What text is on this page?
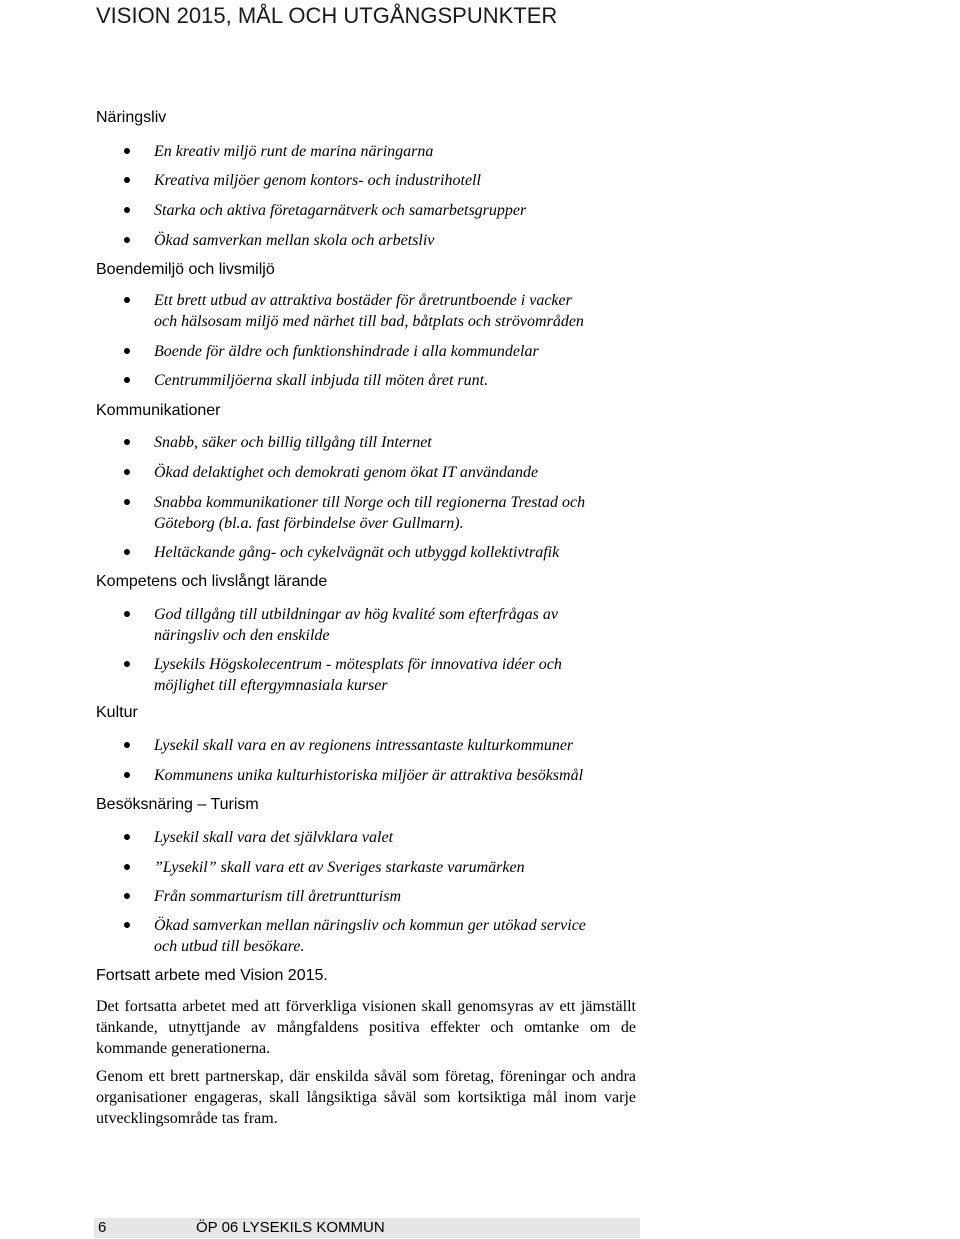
VISION 2015, MÅL OCH UTGÅNGSPUNKTER
Näringsliv
En kreativ miljö runt de marina näringarna
Kreativa miljöer genom kontors- och industrihotell
Starka och aktiva företagarnätverk och samarbetsgrupper
Ökad samverkan mellan skola och arbetsliv
Boendemiljö och livsmiljö
Ett brett utbud av attraktiva bostäder för åretruntboende i vacker
och hälsosam miljö med närhet till bad, båtplats och strövområden
Boende för äldre och funktionshindrade i alla kommundelar
Centrummiljöerna skall inbjuda till möten året runt.
Kommunikationer
Snabb, säker och billig tillgång till Internet
Ökad delaktighet och demokrati genom ökat IT användande
Snabba kommunikationer till Norge och till regionerna Trestad och
Göteborg (bl.a. fast förbindelse över Gullmarn).
Heltäckande gång- och cykelvägnät och utbyggd kollektivtrafik
Kompetens och livslångt lärande
God tillgång till utbildningar av hög kvalité som efterfrågas av
näringsliv och den enskilde
Lysekils Högskolecentrum - mötesplats för innovativa idéer och
möjlighet till eftergymnasiala kurser
Kultur
Lysekil skall vara en av regionens intressantaste kulturkommuner
Kommunens unika kulturhistoriska miljöer är attraktiva besöksmål
Besöksnäring – Turism
Lysekil skall vara det självklara valet
”Lysekil” skall vara ett av Sveriges starkaste varumärken
Från sommarturism till åretruntturism
Ökad samverkan mellan näringsliv och kommun ger utökad service
och utbud till besökare.
Fortsatt arbete med Vision 2015.
Det fortsatta arbetet med att förverkliga visionen skall genomsyras av ett jämställt tänkande, utnyttjande av mångfaldens positiva effekter och omtanke om de kommande generationerna.
Genom ett brett partnerskap, där enskilda såväl som företag, föreningar och andra organisationer engageras, skall långsiktiga såväl som kortsiktiga mål inom varje utvecklingsområde tas fram.
6	ÖP 06 LYSEKILS KOMMUN
